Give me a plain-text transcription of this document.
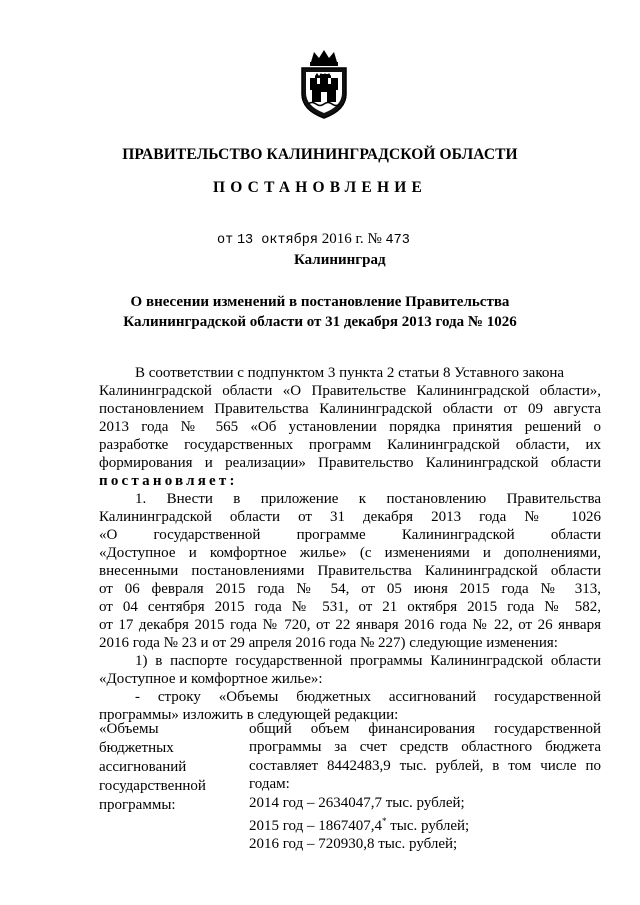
ПРАВИТЕЛЬСТВО КАЛИНИНГРАДСКОЙ ОБЛАСТИ
ПОСТАНОВЛЕНИЕ
от 13 октября 2016 г. № 473
Калининград
О внесении изменений в постановление Правительства
Калининградской области от 31 декабря 2013 года № 1026
В соответствии с подпунктом 3 пункта 2 статьи 8 Уставного закона
Калининградской области «О Правительстве Калининградской области»,
постановлением Правительства Калининградской области от 09 августа
2013 года № 565 «Об установлении порядка принятия решений о
разработке государственных программ Калининградской области, их
формирования и реализации» Правительство Калининградской области
постановляет:
1. Внести в приложение к постановлению Правительства
Калининградской области от 31 декабря 2013 года № 1026
«О государственной программе Калининградской области
«Доступное и комфортное жилье» (с изменениями и дополнениями,
внесенными постановлениями Правительства Калининградской области
от 06 февраля 2015 года № 54, от 05 июня 2015 года № 313,
от 04 сентября 2015 года № 531, от 21 октября 2015 года № 582,
от 17 декабря 2015 года № 720, от 22 января 2016 года № 22, от 26 января
2016 года № 23 и от 29 апреля 2016 года № 227) следующие изменения:
1) в паспорте государственной программы Калининградской области
«Доступное и комфортное жилье»:
- строку «Объемы бюджетных ассигнований государственной
программы» изложить в следующей редакции:
«Объемы
бюджетных
ассигнований
государственной
программы:
общий объем финансирования государственной
программы за счет средств областного бюджета
составляет 8442483,9 тыс. рублей, в том числе по
годам:
2014 год – 2634047,7 тыс. рублей;
2015 год – 1867407,4* тыс. рублей;
2016 год – 720930,8 тыс. рублей;
